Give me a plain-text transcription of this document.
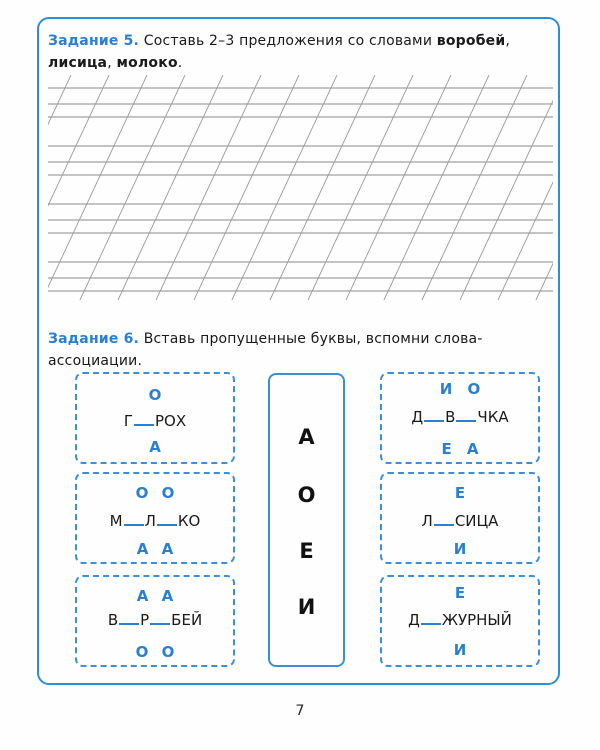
Задание 5. Составь 2–3 предложения со словами воробей,
лисица, молоко.
Задание 6. Вставь пропущенные буквы, вспомни слова-
ассоциации.
О
Г РОХ
А
О О
М Л КО
А А
А А
В Р БЕЙ
О О
А
О
Е
И
И О
Д В ЧКА
Е А
Е
Л СИЦА
И
Е
Д ЖУРНЫЙ
И
7
